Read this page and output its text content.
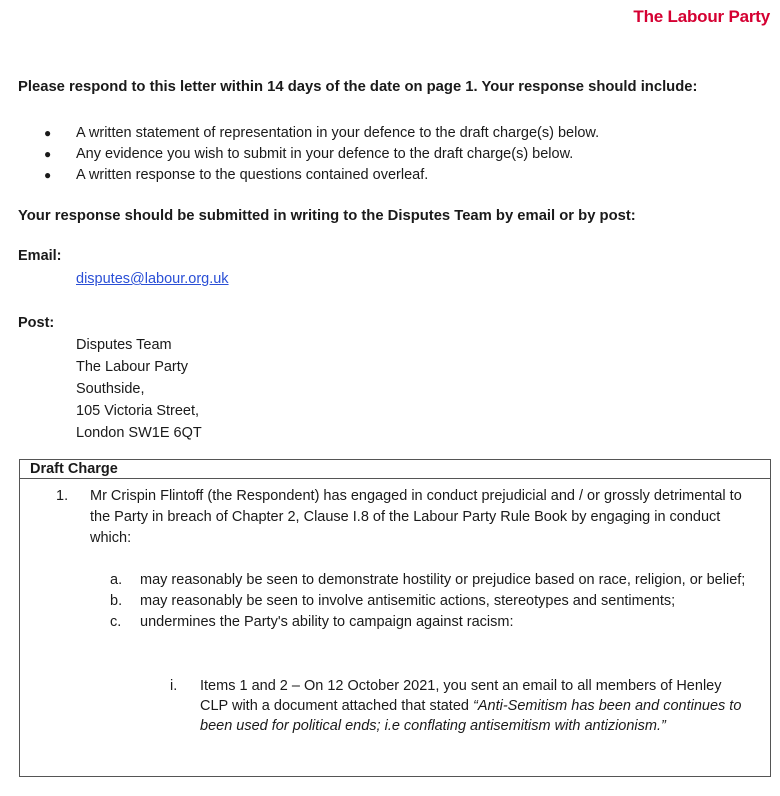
The Labour Party
Please respond to this letter within 14 days of the date on page 1. Your response should include:
●	A written statement of representation in your defence to the draft charge(s) below.
●	Any evidence you wish to submit in your defence to the draft charge(s) below.
●	A written response to the questions contained overleaf.
Your response should be submitted in writing to the Disputes Team by email or by post:
Email:
disputes@labour.org.uk
Post:
Disputes Team
The Labour Party
Southside,
105 Victoria Street,
London SW1E 6QT
Draft Charge
1. Mr Crispin Flintoff (the Respondent) has engaged in conduct prejudicial and / or grossly detrimental to the Party in breach of Chapter 2, Clause I.8 of the Labour Party Rule Book by engaging in conduct which:
a. may reasonably be seen to demonstrate hostility or prejudice based on race, religion, or belief;
b. may reasonably be seen to involve antisemitic actions, stereotypes and sentiments;
c. undermines the Party's ability to campaign against racism:
i. Items 1 and 2 – On 12 October 2021, you sent an email to all members of Henley CLP with a document attached that stated “Anti-Semitism has been and continues to been used for political ends; i.e conflating antisemitism with antizionism.”
